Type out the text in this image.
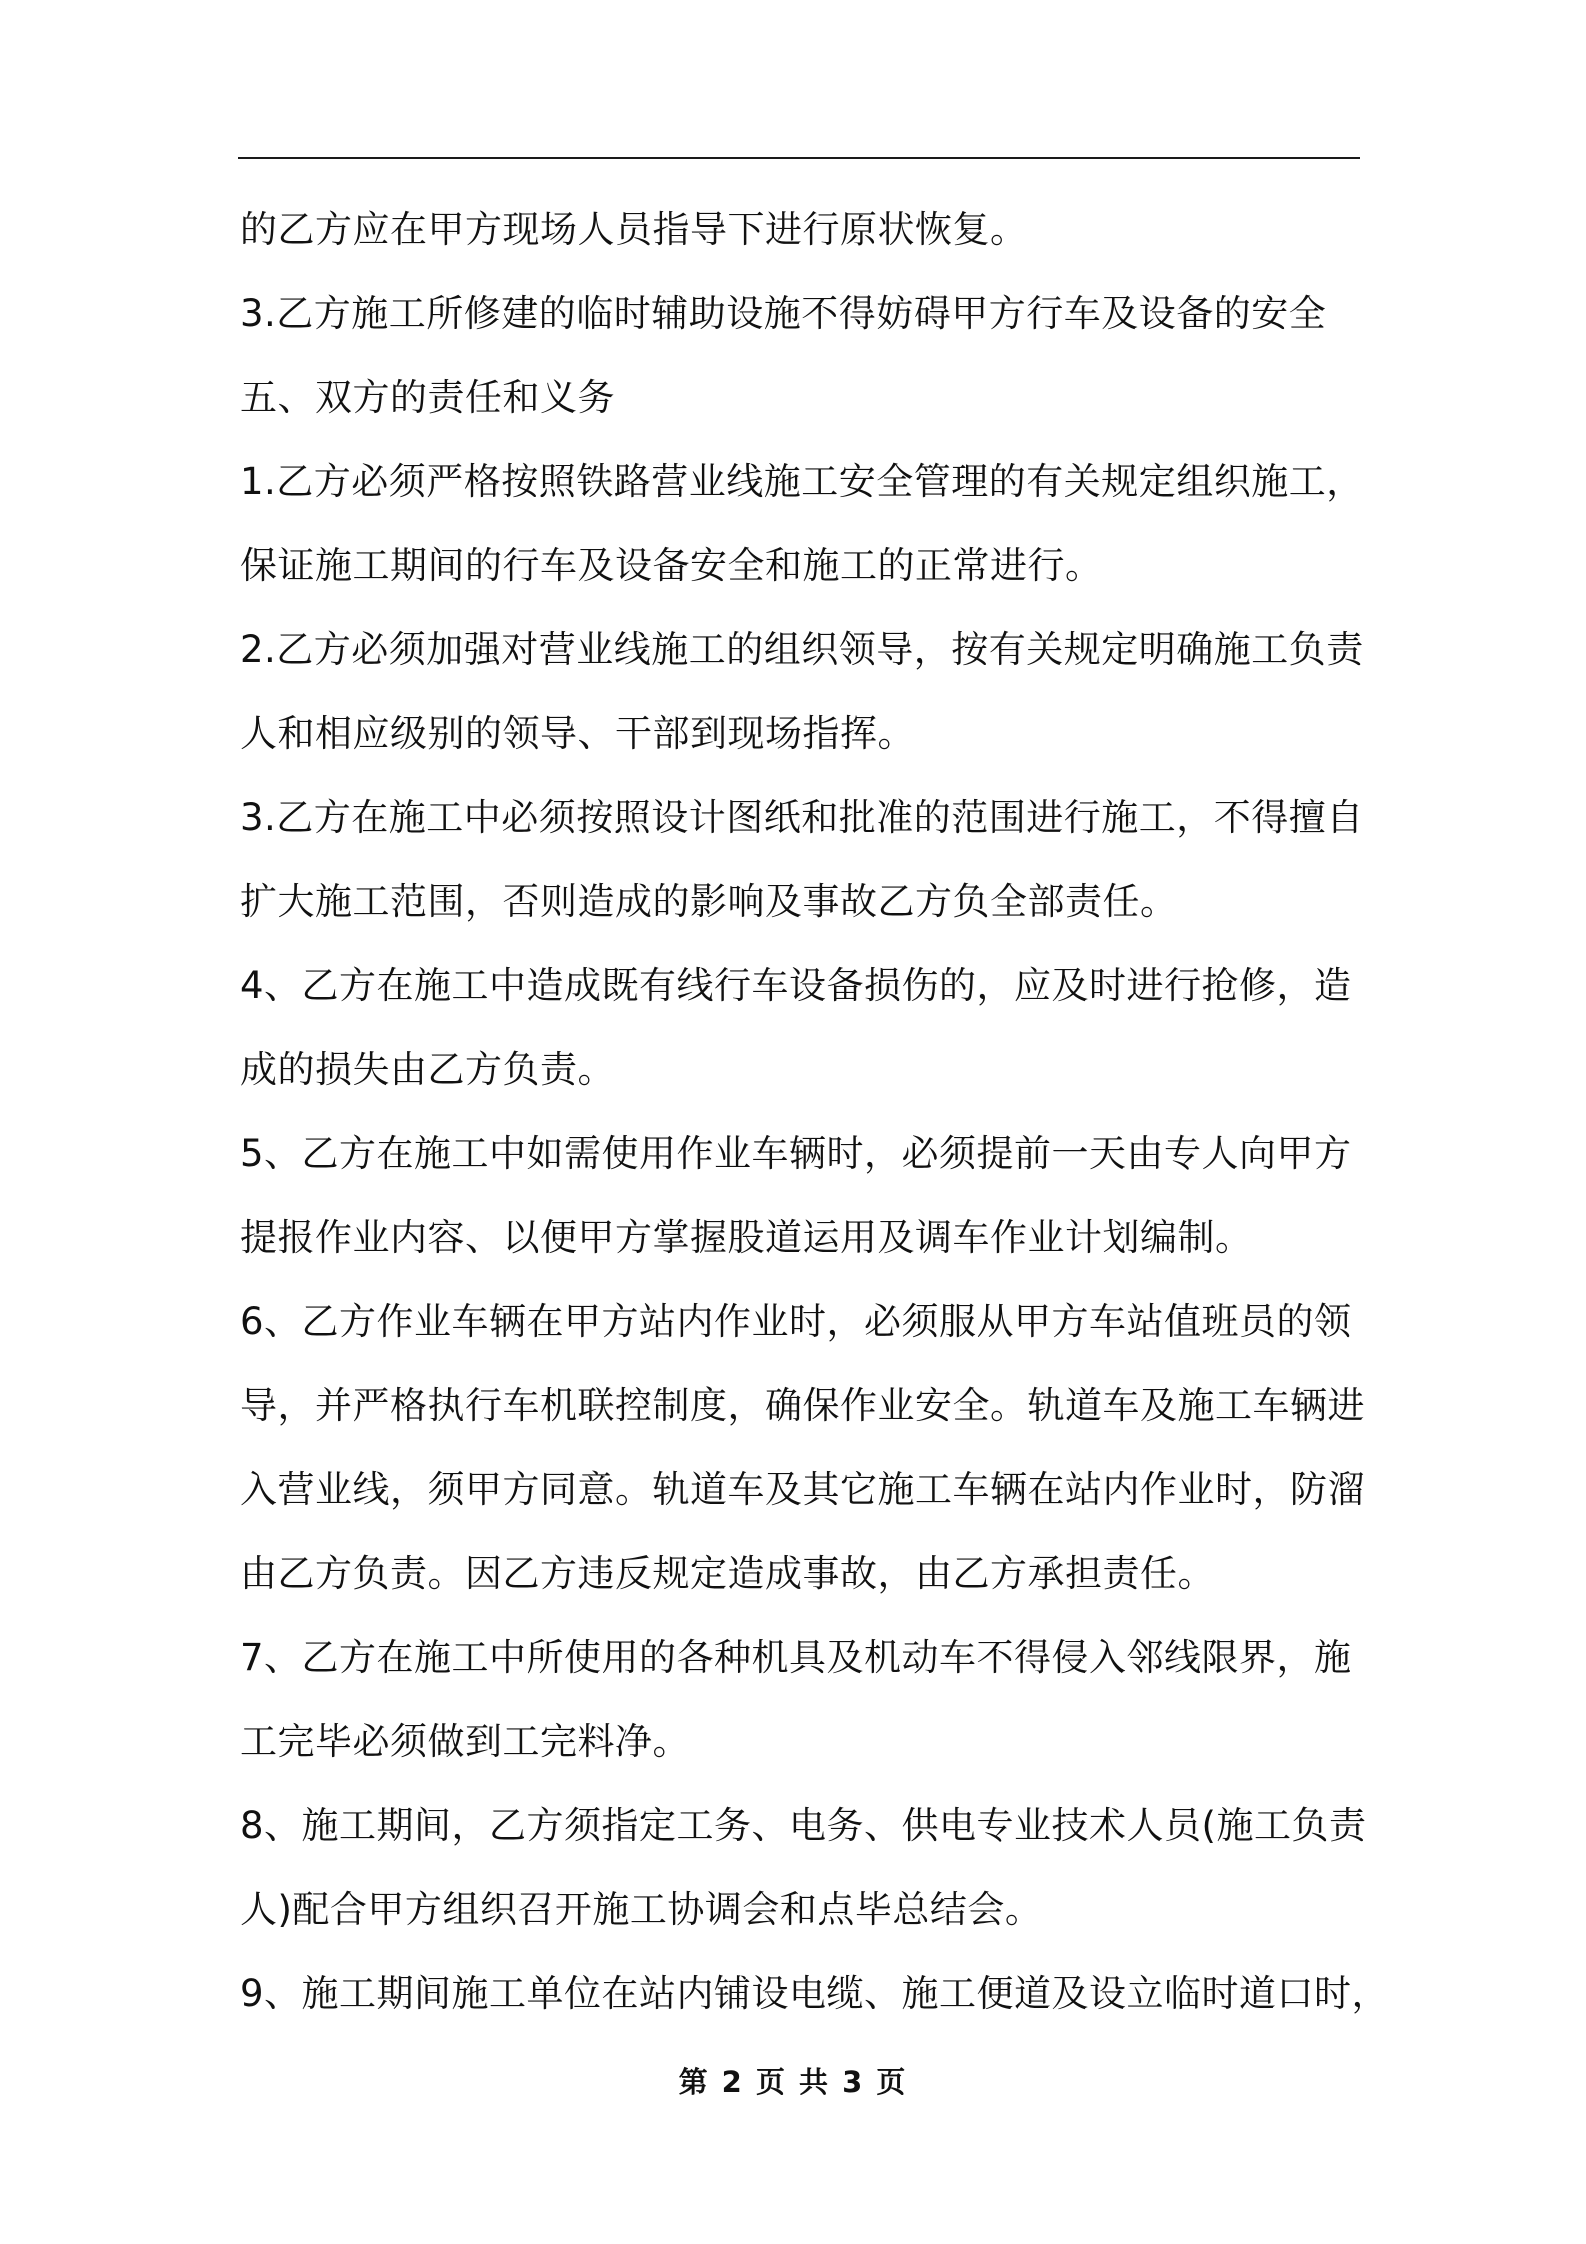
的乙方应在甲方现场人员指导下进行原状恢复。
3.乙方施工所修建的临时辅助设施不得妨碍甲方行车及设备的安全
五、双方的责任和义务
1.乙方必须严格按照铁路营业线施工安全管理的有关规定组织施工，
保证施工期间的行车及设备安全和施工的正常进行。
2.乙方必须加强对营业线施工的组织领导，按有关规定明确施工负责
人和相应级别的领导、干部到现场指挥。
3.乙方在施工中必须按照设计图纸和批准的范围进行施工，不得擅自
扩大施工范围，否则造成的影响及事故乙方负全部责任。
4、乙方在施工中造成既有线行车设备损伤的，应及时进行抢修，造
成的损失由乙方负责。
5、乙方在施工中如需使用作业车辆时，必须提前一天由专人向甲方
提报作业内容、以便甲方掌握股道运用及调车作业计划编制。
6、乙方作业车辆在甲方站内作业时，必须服从甲方车站值班员的领
导，并严格执行车机联控制度，确保作业安全。轨道车及施工车辆进
入营业线，须甲方同意。轨道车及其它施工车辆在站内作业时，防溜
由乙方负责。因乙方违反规定造成事故，由乙方承担责任。
7、乙方在施工中所使用的各种机具及机动车不得侵入邻线限界，施
工完毕必须做到工完料净。
8、施工期间，乙方须指定工务、电务、供电专业技术人员(施工负责
人)配合甲方组织召开施工协调会和点毕总结会。
9、施工期间施工单位在站内铺设电缆、施工便道及设立临时道口时，
第 2 页 共 3 页
